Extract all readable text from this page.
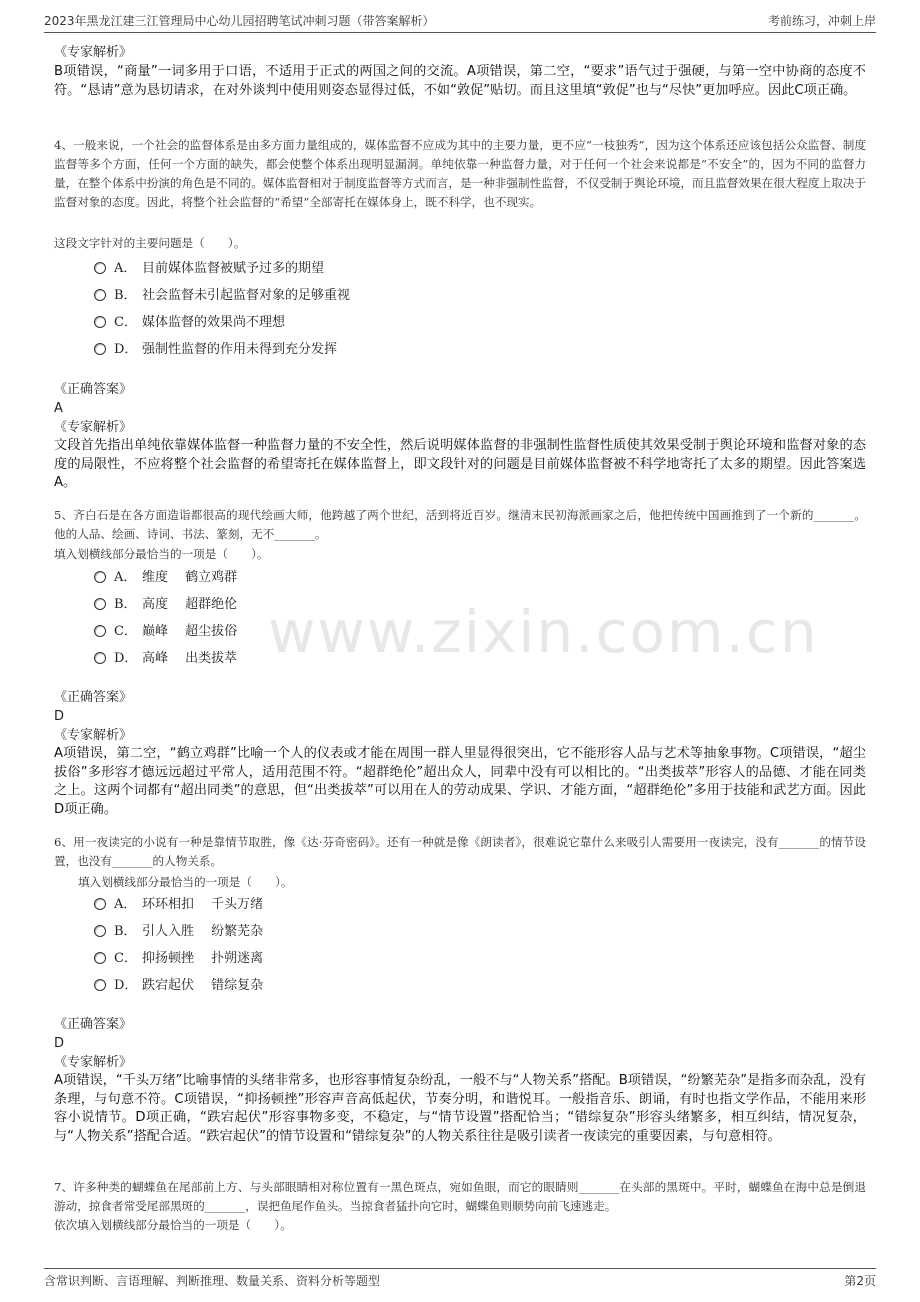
2023年黑龙江建三江管理局中心幼儿园招聘笔试冲刺习题（带答案解析）	考前练习，冲刺上岸
www.zixin.com.cn
《专家解析》
B项错误，“商量”一词多用于口语，不适用于正式的两国之间的交流。A项错误，第二空，“要求”语气过于强硬，与第一空中协商的态度不符。“恳请”意为恳切请求，在对外谈判中使用则姿态显得过低，不如“敦促”贴切。而且这里填“敦促”也与“尽快”更加呼应。因此C项正确。
4、一般来说，一个社会的监督体系是由多方面力量组成的，媒体监督不应成为其中的主要力量，更不应“一枝独秀”，因为这个体系还应该包括公众监督、制度监督等多个方面，任何一个方面的缺失，都会使整个体系出现明显漏洞。单纯依靠一种监督力量，对于任何一个社会来说都是“不安全”的，因为不同的监督力量，在整个体系中扮演的角色是不同的。媒体监督相对于制度监督等方式而言，是一种非强制性监督，不仅受制于舆论环境，而且监督效果在很大程度上取决于监督对象的态度。因此，将整个社会监督的“希望”全部寄托在媒体身上，既不科学，也不现实。
这段文字针对的主要问题是（　　）。
A． 目前媒体监督被赋予过多的期望
B． 社会监督未引起监督对象的足够重视
C． 媒体监督的效果尚不理想
D． 强制性监督的作用未得到充分发挥
《正确答案》
A
《专家解析》
文段首先指出单纯依靠媒体监督一种监督力量的不安全性，然后说明媒体监督的非强制性监督性质使其效果受制于舆论环境和监督对象的态度的局限性，不应将整个社会监督的希望寄托在媒体监督上，即文段针对的问题是目前媒体监督被不科学地寄托了太多的期望。因此答案选A。
5、齐白石是在各方面造诣都很高的现代绘画大师，他跨越了两个世纪，活到将近百岁。继清末民初海派画家之后，他把传统中国画推到了一个新的_______。他的人品、绘画、诗词、书法、篆刻，无不_______。
填入划横线部分最恰当的一项是（　　）。
A． 维度　 鹤立鸡群
B． 高度　 超群绝伦
C． 巅峰　 超尘拔俗
D． 高峰　 出类拔萃
《正确答案》
D
《专家解析》
A项错误，第二空，“鹤立鸡群”比喻一个人的仪表或才能在周围一群人里显得很突出，它不能形容人品与艺术等抽象事物。C项错误，“超尘拔俗”多形容才德远远超过平常人，适用范围不符。“超群绝伦”超出众人，同辈中没有可以相比的。“出类拔萃”形容人的品德、才能在同类之上。这两个词都有“超出同类”的意思，但“出类拔萃”可以用在人的劳动成果、学识、才能方面，“超群绝伦”多用于技能和武艺方面。因此D项正确。
6、用一夜读完的小说有一种是靠情节取胜，像《达·芬奇密码》。还有一种就是像《朗读者》，很难说它靠什么来吸引人需要用一夜读完，没有_______的情节设置，也没有_______的人物关系。
填入划横线部分最恰当的一项是（　　）。
A． 环环相扣　 千头万绪
B． 引人入胜　 纷繁芜杂
C． 抑扬顿挫　 扑朔迷离
D． 跌宕起伏　 错综复杂
《正确答案》
D
《专家解析》
A项错误，“千头万绪”比喻事情的头绪非常多，也形容事情复杂纷乱，一般不与“人物关系”搭配。B项错误，“纷繁芜杂”是指多而杂乱，没有条理，与句意不符。C项错误，“抑扬顿挫”形容声音高低起伏，节奏分明，和谐悦耳。一般指音乐、朗诵，有时也指文学作品，不能用来形容小说情节。D项正确，“跌宕起伏”形容事物多变，不稳定，与“情节设置”搭配恰当；“错综复杂”形容头绪繁多，相互纠结，情况复杂，与“人物关系”搭配合适。“跌宕起伏”的情节设置和“错综复杂”的人物关系往往是吸引读者一夜读完的重要因素，与句意相符。
7、许多种类的蝴蝶鱼在尾部前上方、与头部眼睛相对称位置有一黑色斑点，宛如鱼眼，而它的眼睛则_______在头部的黑斑中。平时，蝴蝶鱼在海中总是倒退游动，掠食者常受尾部黑斑的_______，误把鱼尾作鱼头。当掠食者猛扑向它时，蝴蝶鱼则顺势向前飞速逃走。
依次填入划横线部分最恰当的一项是（　　）。
含常识判断、言语理解、判断推理、数量关系、资料分析等题型	第2页
